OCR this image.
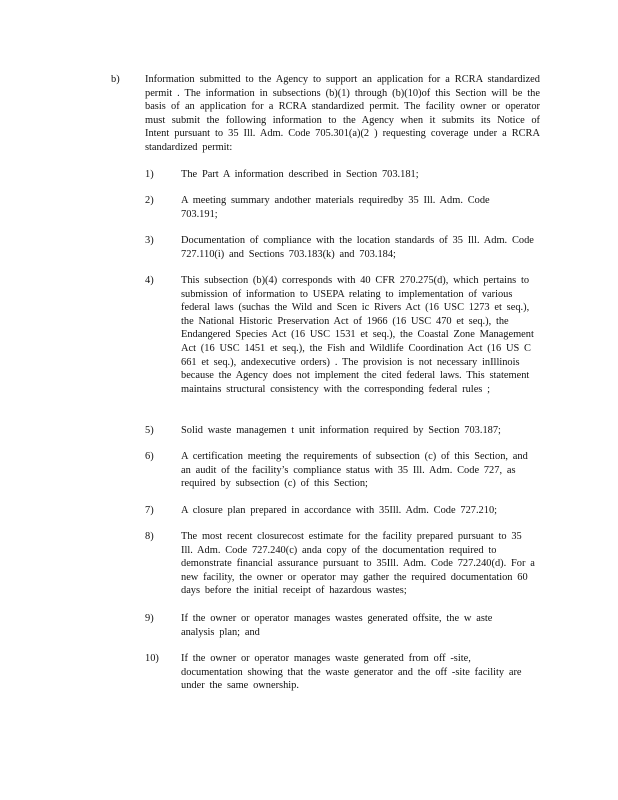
b) Information submitted to the Agency to support an application for a RCRA standardized permit . The information in subsections (b)(1) through (b)(10)of this Section will be the basis of an application for a RCRA standardized permit. The facility owner or operator must submit the following information to the Agency when it submits its Notice of Intent pursuant to 35 Ill. Adm. Code 705.301(a)(2 ) requesting coverage under a RCRA standardized permit:
1)	The Part A information described in Section 703.181;
2)	A meeting summary andother materials requiredby 35 Ill. Adm. Code 703.191;
3)	Documentation of compliance with the location standards of 35 Ill. Adm. Code 727.110(i) and Sections 703.183(k) and 703.184;
4)	This subsection (b)(4) corresponds with 40 CFR 270.275(d), which pertains to submission of information to USEPA relating to implementation of various federal laws (suchas the Wild and Scen ic Rivers Act (16 USC 1273 et seq.), the National Historic Preservation Act of 1966 (16 USC 470 et seq.), the Endangered Species Act (16 USC 1531 et seq.), the Coastal Zone Management Act (16 USC 1451 et seq.), the Fish and Wildlife Coordination Act (16 US C 661 et seq.), andexecutive orders) . The provision is not necessary inIllinois because the Agency does not implement the cited federal laws. This statement maintains structural consistency with the corresponding federal rules ;
5)	Solid waste managemen t unit information required by Section 703.187;
6)	A certification meeting the requirements of subsection (c) of this Section, and an audit of the facility’s compliance status with 35 Ill. Adm. Code 727, as required by subsection (c) of this Section;
7)	A closure plan prepared in accordance with 35Ill. Adm. Code 727.210;
8)	The most recent closurecost estimate for the facility prepared pursuant to 35 Ill. Adm. Code 727.240(c) anda copy of the documentation required to demonstrate financial assurance pursuant to 35Ill. Adm. Code 727.240(d). For a new facility, the owner or operator may gather the required documentation 60 days before the initial receipt of hazardous wastes;
9)	If the owner or operator manages wastes generated offsite, the w aste analysis plan; and
10)	If the owner or operator manages waste generated from off -site, documentation showing that the waste generator and the off -site facility are under the same ownership.
